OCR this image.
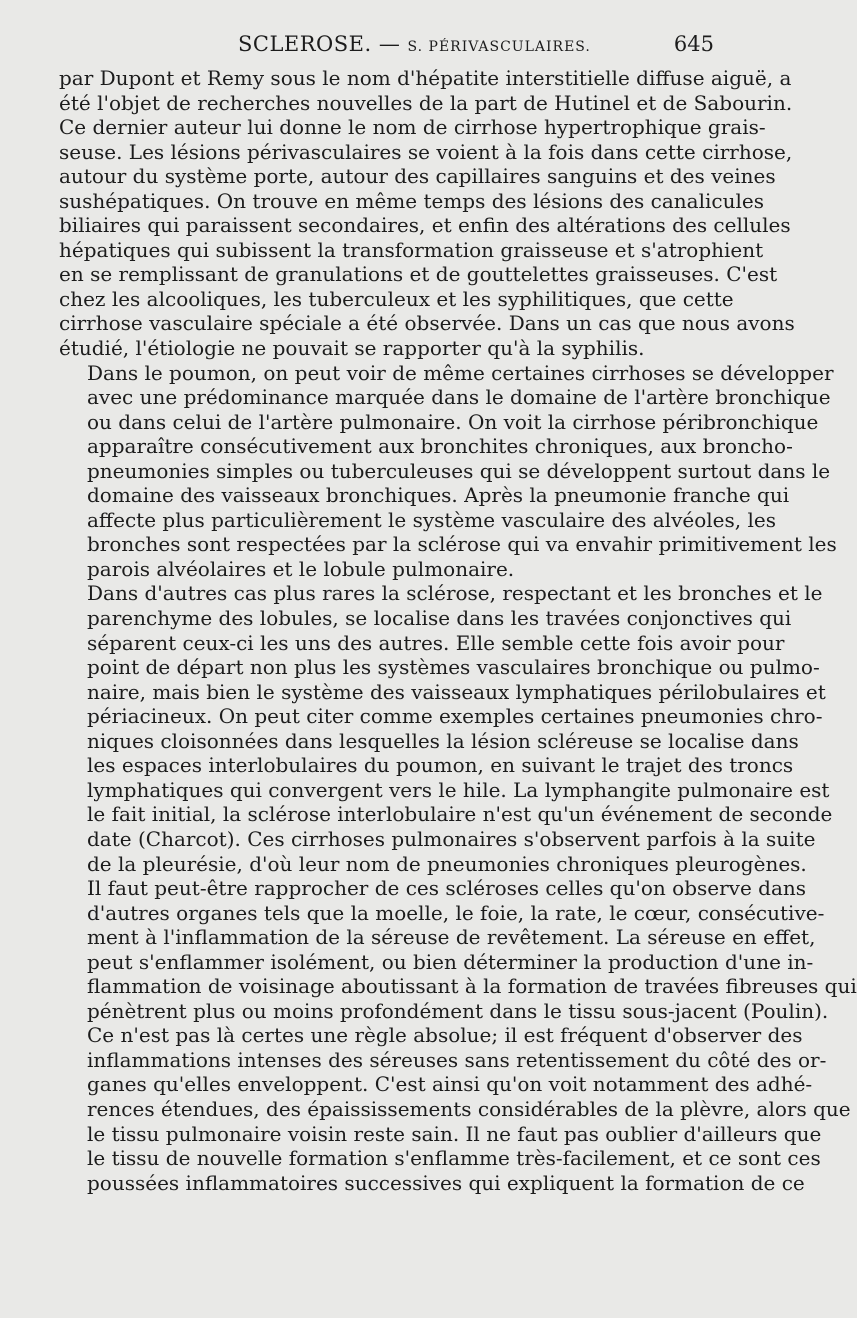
SCLEROSE. — S. PÉRIVASCULAIRES.	645

par Dupont et Remy sous le nom d'hépatite interstitielle diffuse aiguë, a
été l'objet de recherches nouvelles de la part de Hutinel et de Sabourin.
Ce dernier auteur lui donne le nom de cirrhose hypertrophique grais-
seuse. Les lésions périvasculaires se voient à la fois dans cette cirrhose,
autour du système porte, autour des capillaires sanguins et des veines
sushépatiques. On trouve en même temps des lésions des canalicules
biliaires qui paraissent secondaires, et enfin des altérations des cellules
hépatiques qui subissent la transformation graisseuse et s'atrophient
en se remplissant de granulations et de gouttelettes graisseuses. C'est
chez les alcooliques, les tuberculeux et les syphilitiques, que cette
cirrhose vasculaire spéciale a été observée. Dans un cas que nous avons
étudié, l'étiologie ne pouvait se rapporter qu'à la syphilis.

Dans le poumon, on peut voir de même certaines cirrhoses se développer
avec une prédominance marquée dans le domaine de l'artère bronchique
ou dans celui de l'artère pulmonaire. On voit la cirrhose péribronchique
apparaître consécutivement aux bronchites chroniques, aux broncho-
pneumonies simples ou tuberculeuses qui se développent surtout dans le
domaine des vaisseaux bronchiques. Après la pneumonie franche qui
affecte plus particulièrement le système vasculaire des alvéoles, les
bronches sont respectées par la sclérose qui va envahir primitivement les
parois alvéolaires et le lobule pulmonaire.

Dans d'autres cas plus rares la sclérose, respectant et les bronches et le
parenchyme des lobules, se localise dans les travées conjonctives qui
séparent ceux-ci les uns des autres. Elle semble cette fois avoir pour
point de départ non plus les systèmes vasculaires bronchique ou pulmo-
naire, mais bien le système des vaisseaux lymphatiques périlobulaires et
périacineux. On peut citer comme exemples certaines pneumonies chro-
niques cloisonnées dans lesquelles la lésion scléreuse se localise dans
les espaces interlobulaires du poumon, en suivant le trajet des troncs
lymphatiques qui convergent vers le hile. La lymphangite pulmonaire est
le fait initial, la sclérose interlobulaire n'est qu'un événement de seconde
date (Charcot). Ces cirrhoses pulmonaires s'observent parfois à la suite
de la pleurésie, d'où leur nom de pneumonies chroniques pleurogènes.

Il faut peut-être rapprocher de ces scléroses celles qu'on observe dans
d'autres organes tels que la moelle, le foie, la rate, le cœur, consécutive-
ment à l'inflammation de la séreuse de revêtement. La séreuse en effet,
peut s'enflammer isolément, ou bien déterminer la production d'une in-
flammation de voisinage aboutissant à la formation de travées fibreuses qui
pénètrent plus ou moins profondément dans le tissu sous-jacent (Poulin).
Ce n'est pas là certes une règle absolue; il est fréquent d'observer des
inflammations intenses des séreuses sans retentissement du côté des or-
ganes qu'elles enveloppent. C'est ainsi qu'on voit notamment des adhé-
rences étendues, des épaississements considérables de la plèvre, alors que
le tissu pulmonaire voisin reste sain. Il ne faut pas oublier d'ailleurs que
le tissu de nouvelle formation s'enflamme très-facilement, et ce sont ces
poussées inflammatoires successives qui expliquent la formation de ce
